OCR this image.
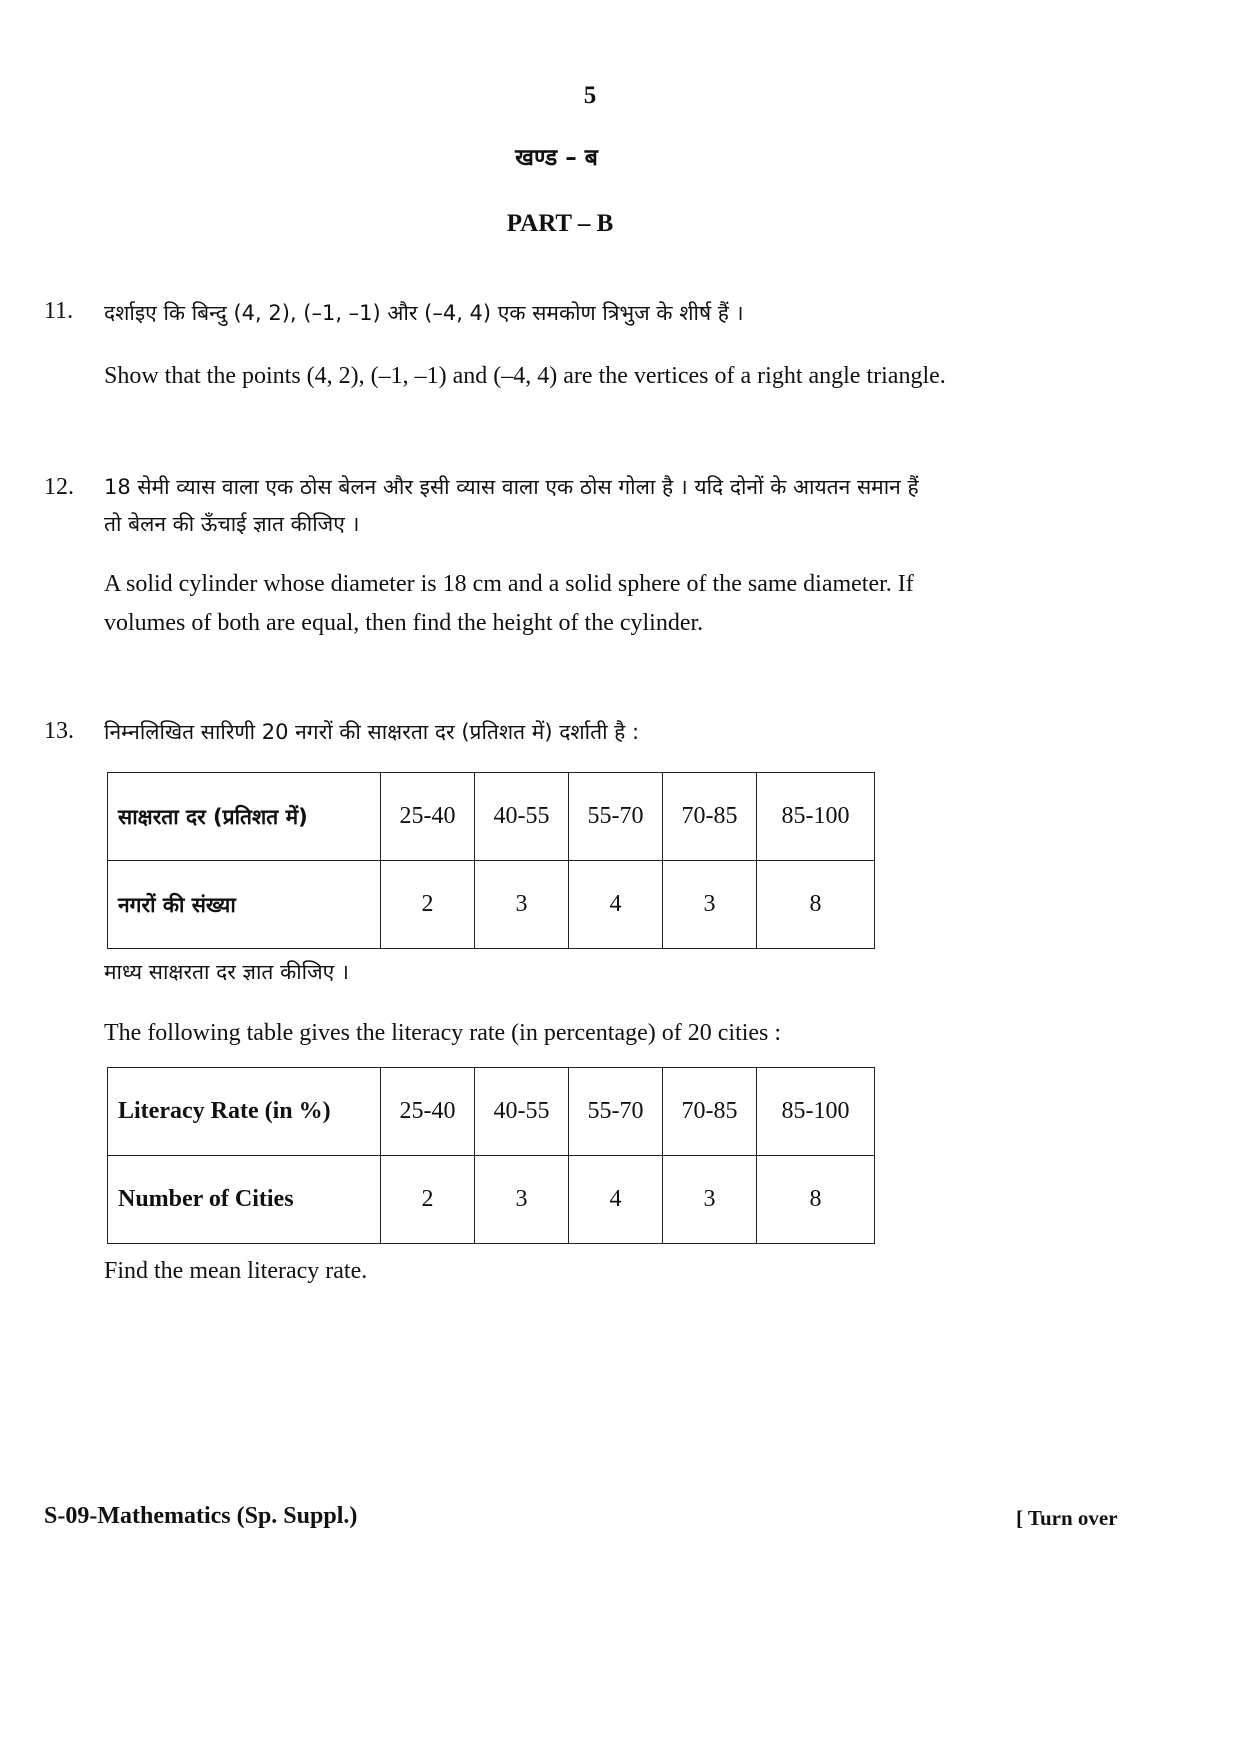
5
खण्ड – ब
PART – B
11. दर्शाइए कि बिन्दु (4, 2), (–1, –1) और (–4, 4) एक समकोण त्रिभुज के शीर्ष हैं ।
Show that the points (4, 2), (–1, –1) and (–4, 4) are the vertices of a right angle triangle.
12. 18 सेमी व्यास वाला एक ठोस बेलन और इसी व्यास वाला एक ठोस गोला है । यदि दोनों के आयतन समान हैं
तो बेलन की ऊँचाई ज्ञात कीजिए ।
A solid cylinder whose diameter is 18 cm and a solid sphere of the same diameter. If
volumes of both are equal, then find the height of the cylinder.
13. निम्नलिखित सारिणी 20 नगरों की साक्षरता दर (प्रतिशत में) दर्शाती है :
साक्षरता दर (प्रतिशत में)	25-40	40-55	55-70	70-85	85-100
नगरों की संख्या	2	3	4	3	8
माध्य साक्षरता दर ज्ञात कीजिए ।
The following table gives the literacy rate (in percentage) of 20 cities :
Literacy Rate (in %)	25-40	40-55	55-70	70-85	85-100
Number of Cities	2	3	4	3	8
Find the mean literacy rate.
S-09-Mathematics (Sp. Suppl.)	[ Turn over
